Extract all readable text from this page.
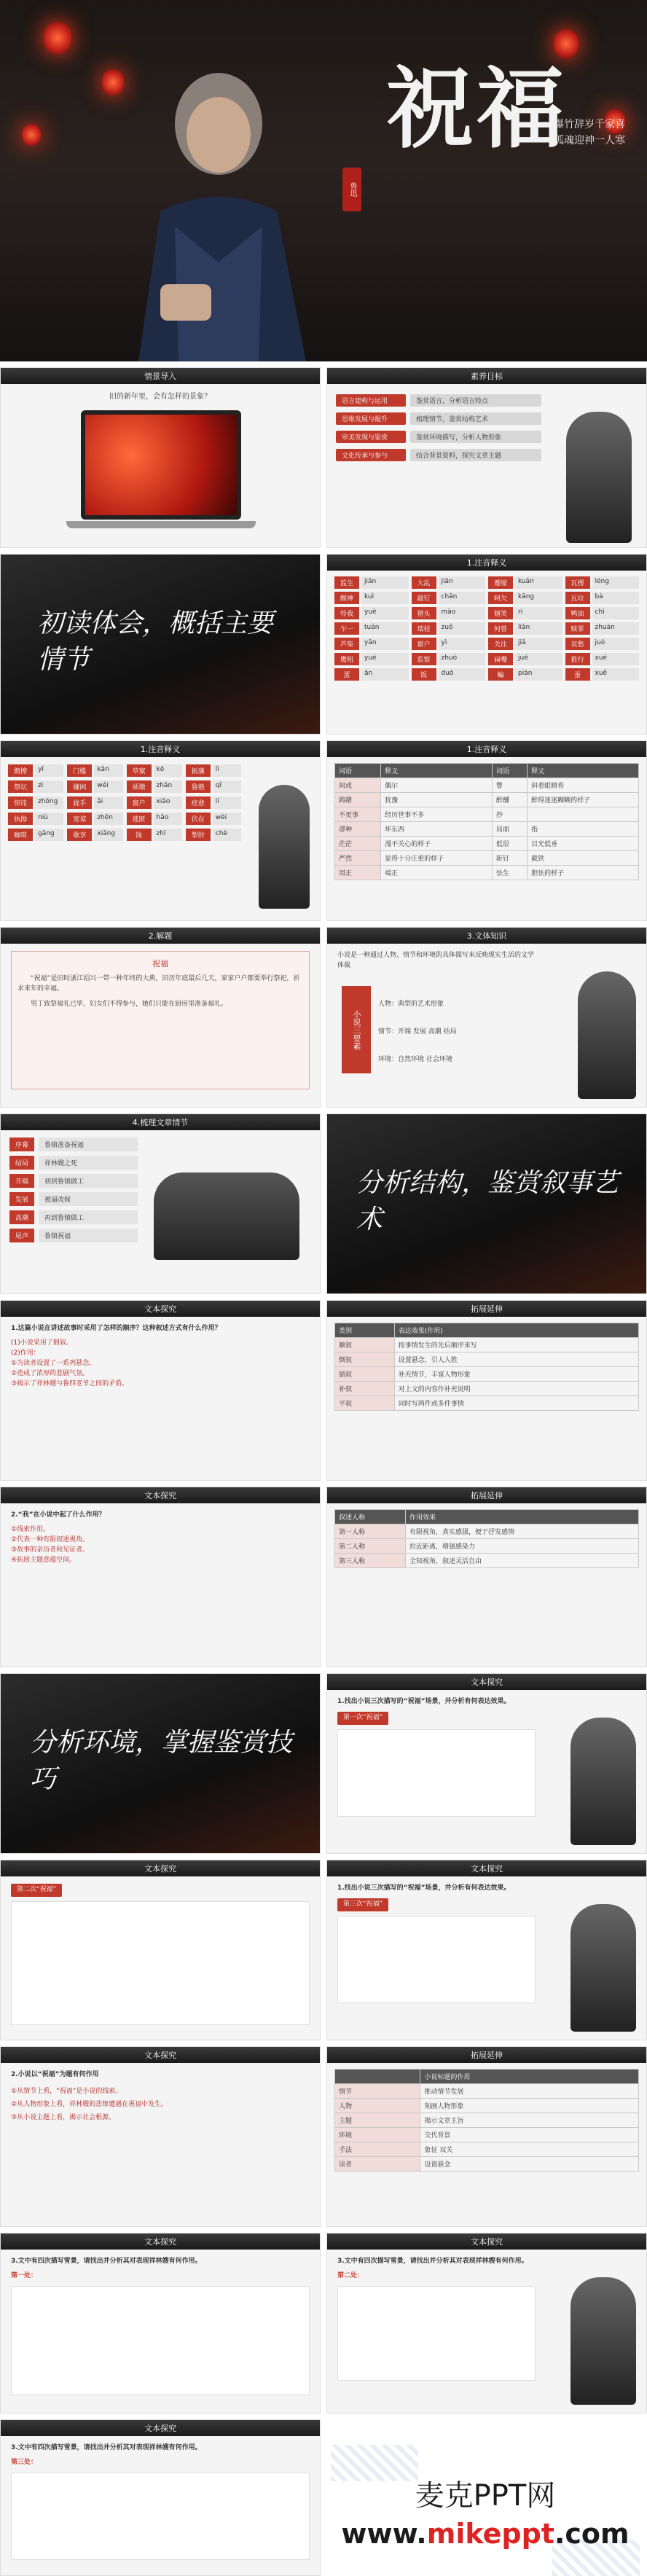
祝福
爆竹辞岁千家喜
孤魂迎神一人寒
鲁迅
情景导入
旧的新年里，会有怎样的景象？
素养目标
语言建构与运用	鉴赏语言，分析语言特点
思维发展与提升	梳理情节，鉴赏结构艺术
审美发现与鉴赏	鉴赏环境描写，分析人物形象
文化传承与参与	结合背景资料，探究文章主题
初读体会，概括主要情节
1.注音释义
监生	jiān	大乱	jiān	蹙缩	kuǎn	瓦楞	léng
醒神	kuì	敲钉	chān	呵欠	kāng	瓦垃	bà
怜我	yuè	猪头	mào	嬉笑	ri	鸭油	chì
乍一	tuán	瑞桂	zuǒ	何曾	liǎn	赎罪	zhuàn
芦柴	yān	窗户	yì	关注	jiǎ	哀愁	juó
鹰咀	yuè	监察	zhuó	扁嘴	jué	推行	xué
蛋	ān	饭	duō	蝙	piān	蚕	xuě
1.注音释义
搪擦	yǐ	门槛	kǎn	草窠	kē	振藩	lì
祭坛	zì	嫌闲	wéi	顽墩	zhān	鲁塾	qǐ
惊诧	zhōng	拢手	ǎi	窗户	xiǎo	痊愈	lí
执拗	niù	宽谅	zhēn	逃匿	hǎo	伏在	wèi
咖啡	gāng	歌享	xiǎng	蚀	zhī	掣肘	chè
1.注音释义
词语	释义	词语	释义
间或	偶尔	瞥	斜着眼睛看
踌躇	犹豫	醉醺	醉得迷迷糊糊的样子
不更事	经历世事不多	抄	
谬种	坏东西	局面	指
茫茫	漫不关心的样子	低眉	目光低垂
严然	显得十分庄重的样子	斩钉	截铁
周正	端正	怯生	胆怯的样子
2.解题
祝福

“祝福”是旧时浙江绍兴一带一种年终的大典，旧历年底最后几天，家家户户都要举行祭祀，祈求来年的幸福。

男丁致祭福礼已毕，妇女们不得参与，她们只能在厨房里准备福礼。

3.文体知识
小说是一种通过人物、情节和环境的具体描写来反映现实生活的文学体裁
小说三要素
人物：典型的艺术形象
情节：开端 发展 高潮 结局
环境：自然环境 社会环境
4.梳理文章情节
序幕	鲁镇准备祝福
结局	祥林嫂之死
开端	初到鲁镇做工
发展	被逼改嫁
高潮	再到鲁镇做工
尾声	鲁镇祝福
分析结构，鉴赏叙事艺术
文本探究
1.这篇小说在讲述故事时采用了怎样的顺序？这种叙述方式有什么作用？
(1)小说采用了倒叙。
(2)作用：
①为读者设置了一系列悬念。
②造成了浓厚的悲剧气氛。
③揭示了祥林嫂与鲁四老爷之间的矛盾。
拓展延伸
类别	表达效果(作用)
顺叙	按事情发生的先后顺序来写
倒叙	设置悬念，引人入胜
插叙	补充情节，丰富人物形象
补叙	对上文的内容作补充说明
平叙	同时写两件或多件事情
文本探究
2.“我”在小说中起了什么作用？
①线索作用。
②代表一种有限叙述视角。
③故事的亲历者和见证者。
④拓展主题意蕴空间。
拓展延伸
叙述人称	作用效果
第一人称	有限视角，真实感强，便于抒发感情
第二人称	拉近距离，增强感染力
第三人称	全知视角，叙述灵活自由
分析环境，掌握鉴赏技巧
文本探究
1.找出小说三次描写的“祝福”场景，并分析有何表达效果。
第一次“祝福”
文本探究
第二次“祝福”
文本探究
1.找出小说三次描写的“祝福”场景，并分析有何表达效果。
第三次“祝福”
文本探究
2.小说以“祝福”为题有何作用
①从情节上看，“祝福”是小说的线索。
②从人物形象上看，祥林嫂的悲惨遭遇在祝福中发生。
③从小说主题上看，揭示社会根源。
拓展延伸
	小说标题的作用
情节	推动情节发展
人物	刻画人物形象
主题	揭示文章主旨
环境	交代背景
手法	象征 双关
读者	设置悬念
文本探究
3.文中有四次描写雪景，请找出并分析其对表现祥林嫂有何作用。
第一处：
文本探究
3.文中有四次描写雪景，请找出并分析其对表现祥林嫂有何作用。
第二处：
文本探究
3.文中有四次描写雪景，请找出并分析其对表现祥林嫂有何作用。
第三处：
麦克PPT网
www.mikeppt.com
